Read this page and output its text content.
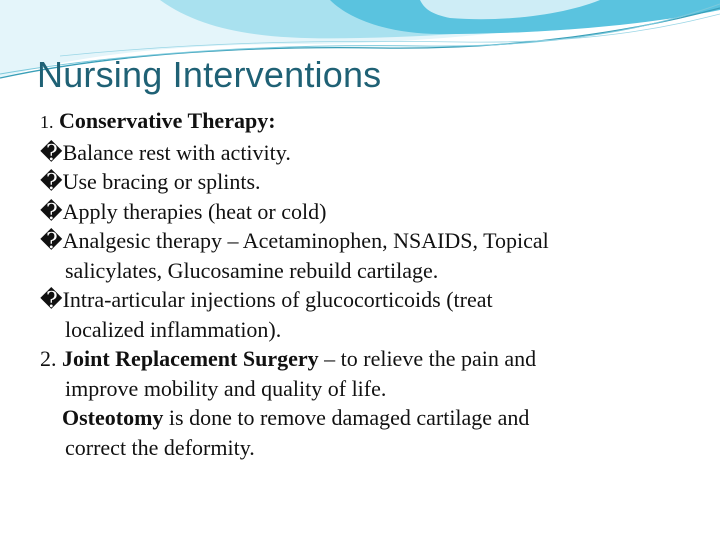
Nursing Interventions
1. Conservative Therapy:
�Balance rest with activity.
�Use bracing or splints.
�Apply therapies (heat or cold)
�Analgesic therapy – Acetaminophen, NSAIDS, Topical
salicylates, Glucosamine rebuild cartilage.
�Intra-articular injections of glucocorticoids (treat
localized inflammation).
2. Joint Replacement Surgery – to relieve the pain and
improve mobility and quality of life.
Osteotomy is done to remove damaged cartilage and
correct the deformity.
